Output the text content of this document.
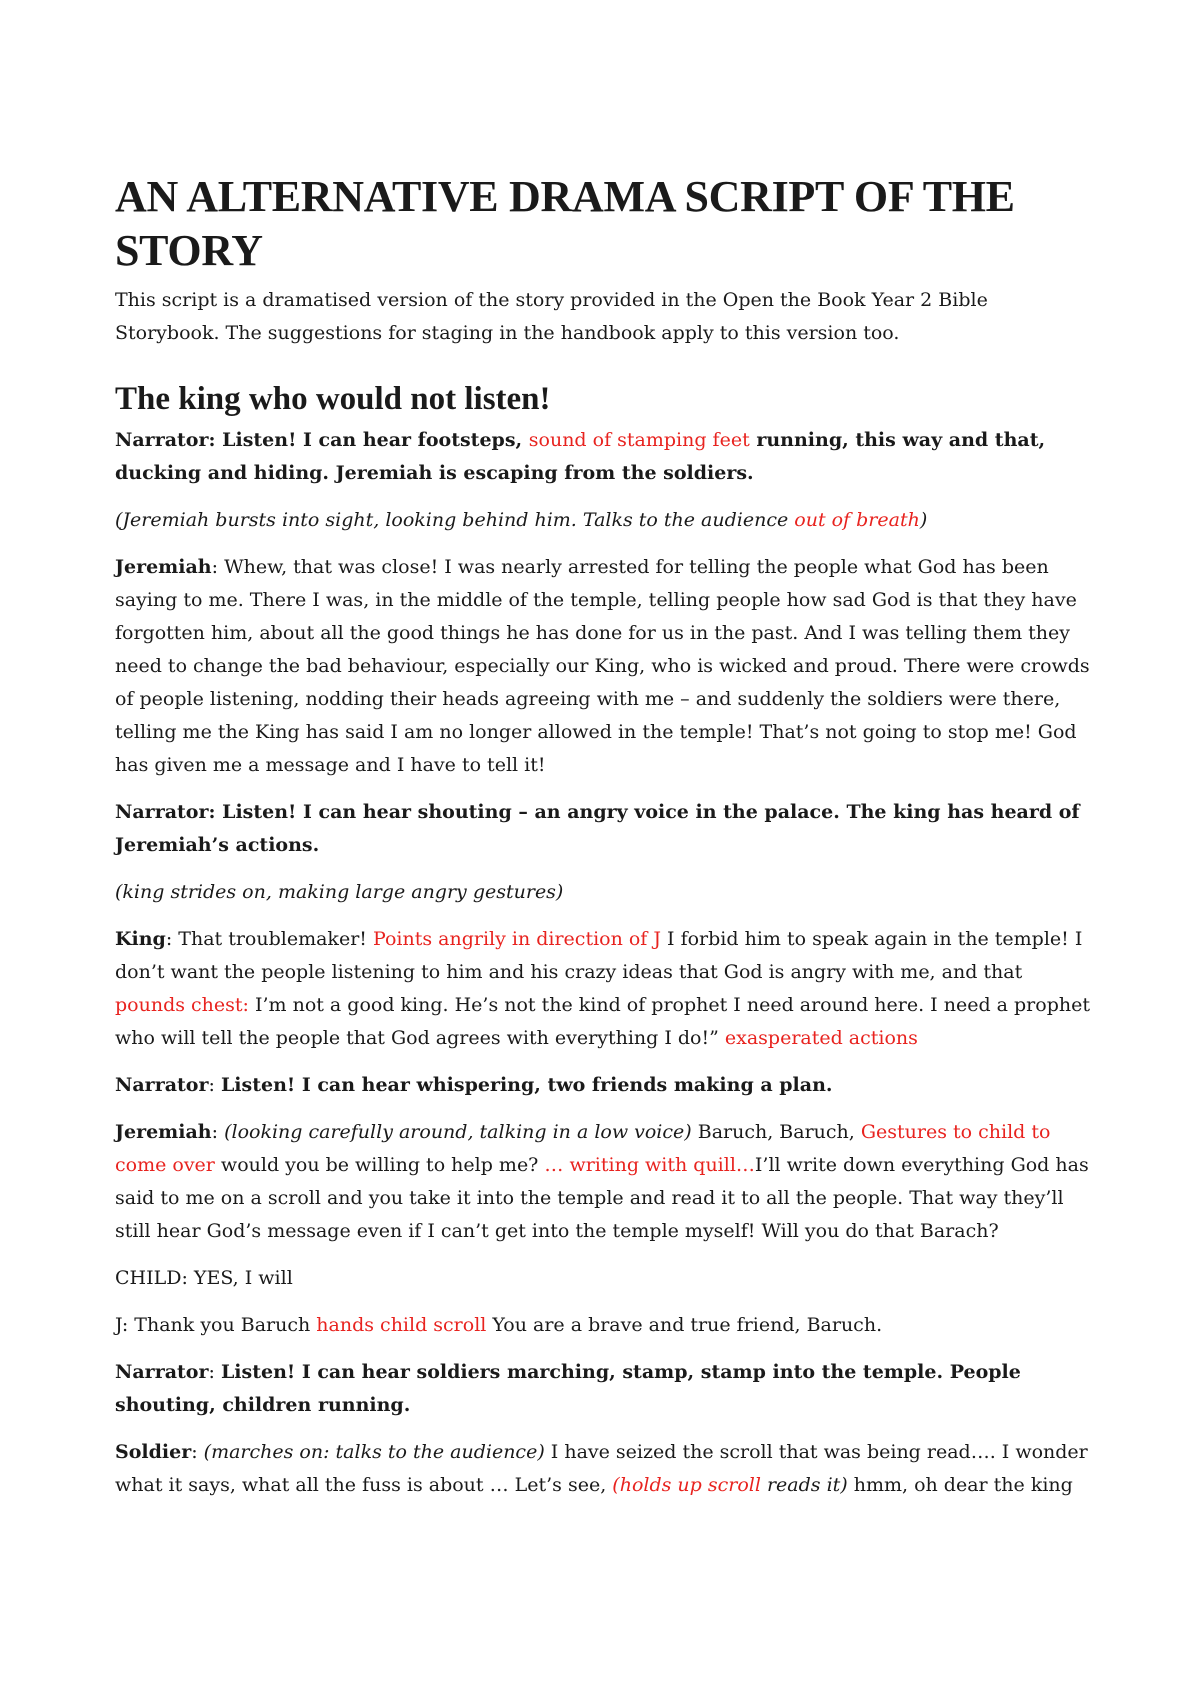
AN ALTERNATIVE DRAMA SCRIPT OF THE STORY

This script is a dramatised version of the story provided in the Open the Book Year 2 Bible Storybook. The suggestions for staging in the handbook apply to this version too.

The king who would not listen!

Narrator: Listen! I can hear footsteps, sound of stamping feet running, this way and that, ducking and hiding. Jeremiah is escaping from the soldiers.

(Jeremiah bursts into sight, looking behind him. Talks to the audience out of breath)

Jeremiah: Whew, that was close! I was nearly arrested for telling the people what God has been saying to me. There I was, in the middle of the temple, telling people how sad God is that they have forgotten him, about all the good things he has done for us in the past. And I was telling them they need to change the bad behaviour, especially our King, who is wicked and proud. There were crowds of people listening, nodding their heads agreeing with me – and suddenly the soldiers were there, telling me the King has said I am no longer allowed in the temple! That’s not going to stop me! God has given me a message and I have to tell it!

Narrator: Listen! I can hear shouting – an angry voice in the palace. The king has heard of Jeremiah’s actions.

(king strides on, making large angry gestures)

King: That troublemaker! Points angrily in direction of J I forbid him to speak again in the temple! I don’t want the people listening to him and his crazy ideas that God is angry with me, and that pounds chest: I’m not a good king. He’s not the kind of prophet I need around here. I need a prophet who will tell the people that God agrees with everything I do!” exasperated actions

Narrator: Listen! I can hear whispering, two friends making a plan.

Jeremiah: (looking carefully around, talking in a low voice) Baruch, Baruch, Gestures to child to come over would you be willing to help me? … writing with quill…I’ll write down everything God has said to me on a scroll and you take it into the temple and read it to all the people. That way they’ll still hear God’s message even if I can’t get into the temple myself! Will you do that Barach?

CHILD: YES, I will

J: Thank you Baruch hands child scroll You are a brave and true friend, Baruch.

Narrator: Listen! I can hear soldiers marching, stamp, stamp into the temple. People shouting, children running.

Soldier: (marches on: talks to the audience) I have seized the scroll that was being read…. I wonder what it says, what all the fuss is about … Let’s see, (holds up scroll reads it) hmm, oh dear the king
